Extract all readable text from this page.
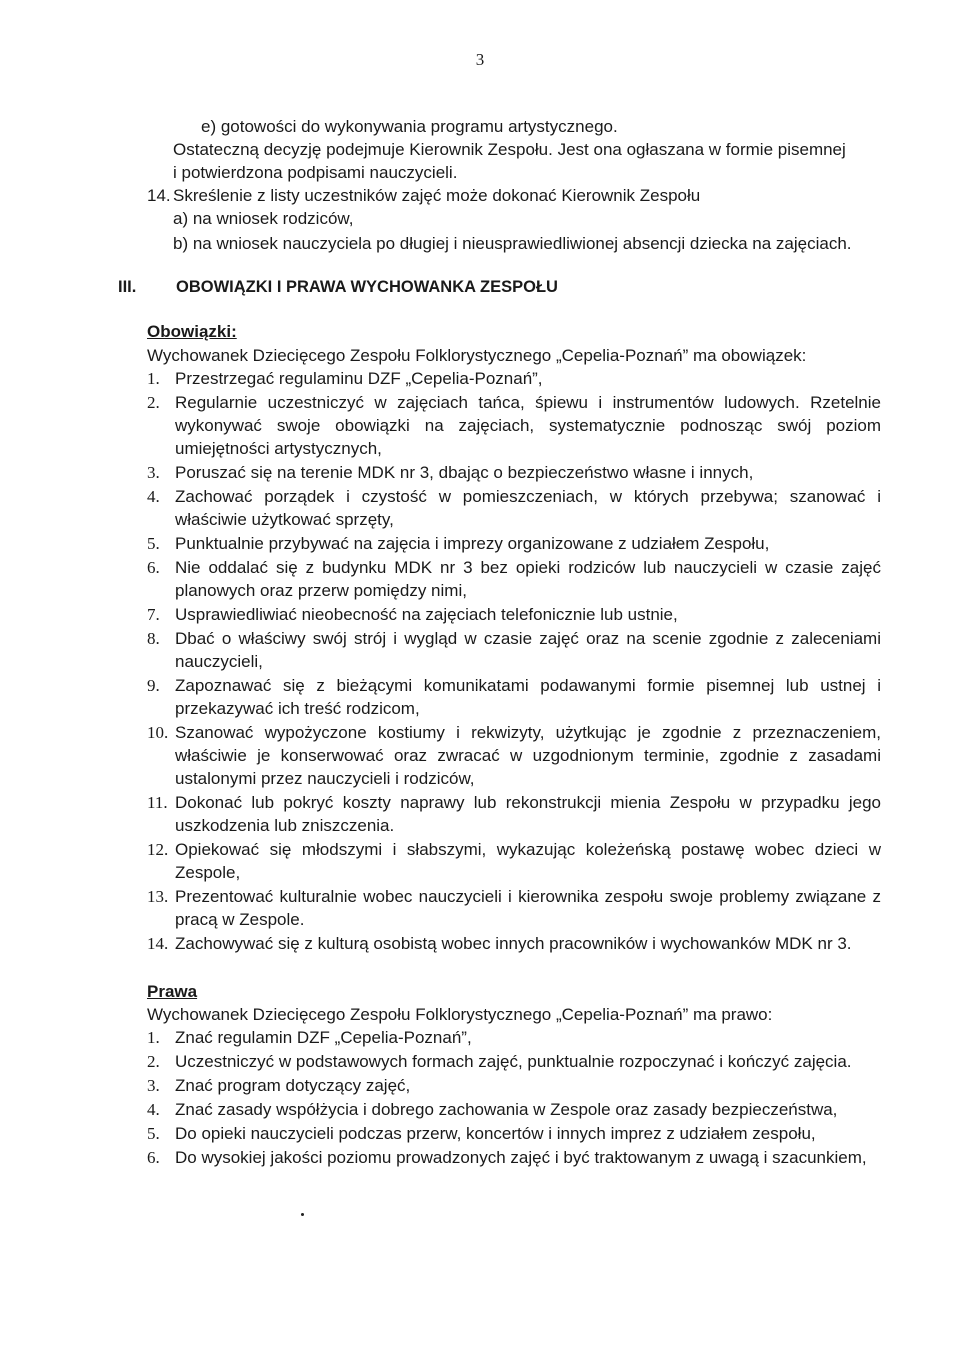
3
e) gotowości do wykonywania programu artystycznego.
Ostateczną decyzję podejmuje Kierownik Zespołu. Jest ona ogłaszana w formie pisemnej
i potwierdzona podpisami nauczycieli.
14. Skreślenie z listy uczestników zajęć może dokonać Kierownik Zespołu
a) na wniosek rodziców,
b) na wniosek nauczyciela po długiej i nieusprawiedliwionej absencji dziecka na zajęciach.
III. OBOWIĄZKI I PRAWA WYCHOWANKA ZESPOŁU
Obowiązki:
Wychowanek Dziecięcego Zespołu Folklorystycznego „Cepelia-Poznań” ma obowiązek:
1. Przestrzegać regulaminu DZF „Cepelia-Poznań”,
2. Regularnie uczestniczyć w zajęciach tańca, śpiewu i instrumentów ludowych. Rzetelnie wykonywać swoje obowiązki na zajęciach, systematycznie podnosząc swój poziom umiejętności artystycznych,
3. Poruszać się na terenie MDK nr 3, dbając o bezpieczeństwo własne i innych,
4. Zachować porządek i czystość w pomieszczeniach, w których przebywa; szanować i właściwie użytkować sprzęty,
5. Punktualnie przybywać na zajęcia i imprezy organizowane z udziałem Zespołu,
6. Nie oddalać się z budynku MDK nr 3 bez opieki rodziców lub nauczycieli w czasie zajęć planowych oraz przerw pomiędzy nimi,
7. Usprawiedliwiać nieobecność na zajęciach telefonicznie lub ustnie,
8. Dbać o właściwy swój strój i wygląd w czasie zajęć oraz na scenie zgodnie z zaleceniami nauczycieli,
9. Zapoznawać się z bieżącymi komunikatami podawanymi formie pisemnej lub ustnej i przekazywać ich treść rodzicom,
10. Szanować wypożyczone kostiumy i rekwizyty, użytkując je zgodnie z przeznaczeniem, właściwie je konserwować oraz zwracać w uzgodnionym terminie, zgodnie z zasadami ustalonymi przez nauczycieli i rodziców,
11. Dokonać lub pokryć koszty naprawy lub rekonstrukcji mienia Zespołu w przypadku jego uszkodzenia lub zniszczenia.
12. Opiekować się młodszymi i słabszymi, wykazując koleżeńską postawę wobec dzieci w Zespole,
13. Prezentować kulturalnie wobec nauczycieli i kierownika zespołu swoje problemy związane z pracą w Zespole.
14. Zachowywać się z kulturą osobistą wobec innych pracowników i wychowanków MDK nr 3.
Prawa
Wychowanek Dziecięcego Zespołu Folklorystycznego „Cepelia-Poznań” ma prawo:
1. Znać regulamin DZF „Cepelia-Poznań”,
2. Uczestniczyć w podstawowych formach zajęć, punktualnie rozpoczynać i kończyć zajęcia.
3. Znać program dotyczący zajęć,
4. Znać zasady współżycia i dobrego zachowania w Zespole oraz zasady bezpieczeństwa,
5. Do opieki nauczycieli podczas przerw, koncertów i innych imprez z udziałem zespołu,
6. Do wysokiej jakości poziomu prowadzonych zajęć i być traktowanym z uwagą i szacunkiem,
